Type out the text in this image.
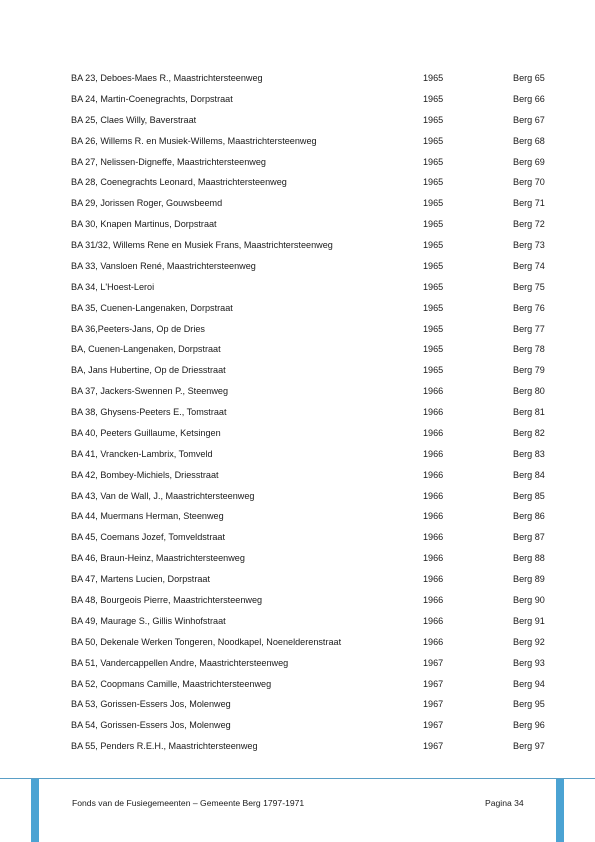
BA 23, Deboes-Maes R., Maastrichtersteenweg	1965	Berg 65
BA 24, Martin-Coenegrachts, Dorpstraat	1965	Berg 66
BA 25, Claes Willy, Baverstraat	1965	Berg 67
BA 26, Willems R. en Musiek-Willems, Maastrichtersteenweg	1965	Berg 68
BA 27, Nelissen-Digneffe, Maastrichtersteenweg	1965	Berg 69
BA 28, Coenegrachts Leonard, Maastrichtersteenweg	1965	Berg 70
BA 29, Jorissen Roger, Gouwsbeemd	1965	Berg 71
BA 30, Knapen Martinus, Dorpstraat	1965	Berg 72
BA 31/32, Willems Rene en Musiek Frans, Maastrichtersteenweg	1965	Berg 73
BA 33, Vansloen René, Maastrichtersteenweg	1965	Berg 74
BA 34, L'Hoest-Leroi	1965	Berg 75
BA 35, Cuenen-Langenaken, Dorpstraat	1965	Berg 76
BA 36,Peeters-Jans, Op de Dries	1965	Berg 77
BA, Cuenen-Langenaken, Dorpstraat	1965	Berg 78
BA, Jans Hubertine, Op de Driesstraat	1965	Berg 79
BA 37, Jackers-Swennen P., Steenweg	1966	Berg 80
BA 38, Ghysens-Peeters E., Tomstraat	1966	Berg 81
BA 40, Peeters Guillaume, Ketsingen	1966	Berg 82
BA 41, Vrancken-Lambrix, Tomveld	1966	Berg 83
BA 42, Bombey-Michiels, Driesstraat	1966	Berg 84
BA 43, Van de Wall, J., Maastrichtersteenweg	1966	Berg 85
BA 44, Muermans Herman, Steenweg	1966	Berg 86
BA 45, Coemans Jozef, Tomveldstraat	1966	Berg 87
BA 46, Braun-Heinz, Maastrichtersteenweg	1966	Berg 88
BA 47, Martens Lucien, Dorpstraat	1966	Berg 89
BA 48, Bourgeois Pierre, Maastrichtersteenweg	1966	Berg 90
BA 49, Maurage S., Gillis Winhofstraat	1966	Berg 91
BA 50, Dekenale Werken Tongeren, Noodkapel, Noenelderenstraat	1966	Berg 92
BA 51, Vandercappellen Andre, Maastrichtersteenweg	1967	Berg 93
BA 52, Coopmans Camille, Maastrichtersteenweg	1967	Berg 94
BA 53, Gorissen-Essers Jos, Molenweg	1967	Berg 95
BA 54, Gorissen-Essers Jos, Molenweg	1967	Berg 96
BA 55, Penders R.E.H., Maastrichtersteenweg	1967	Berg 97
Fonds van de Fusiegemeenten – Gemeente Berg 1797-1971	Pagina 34
